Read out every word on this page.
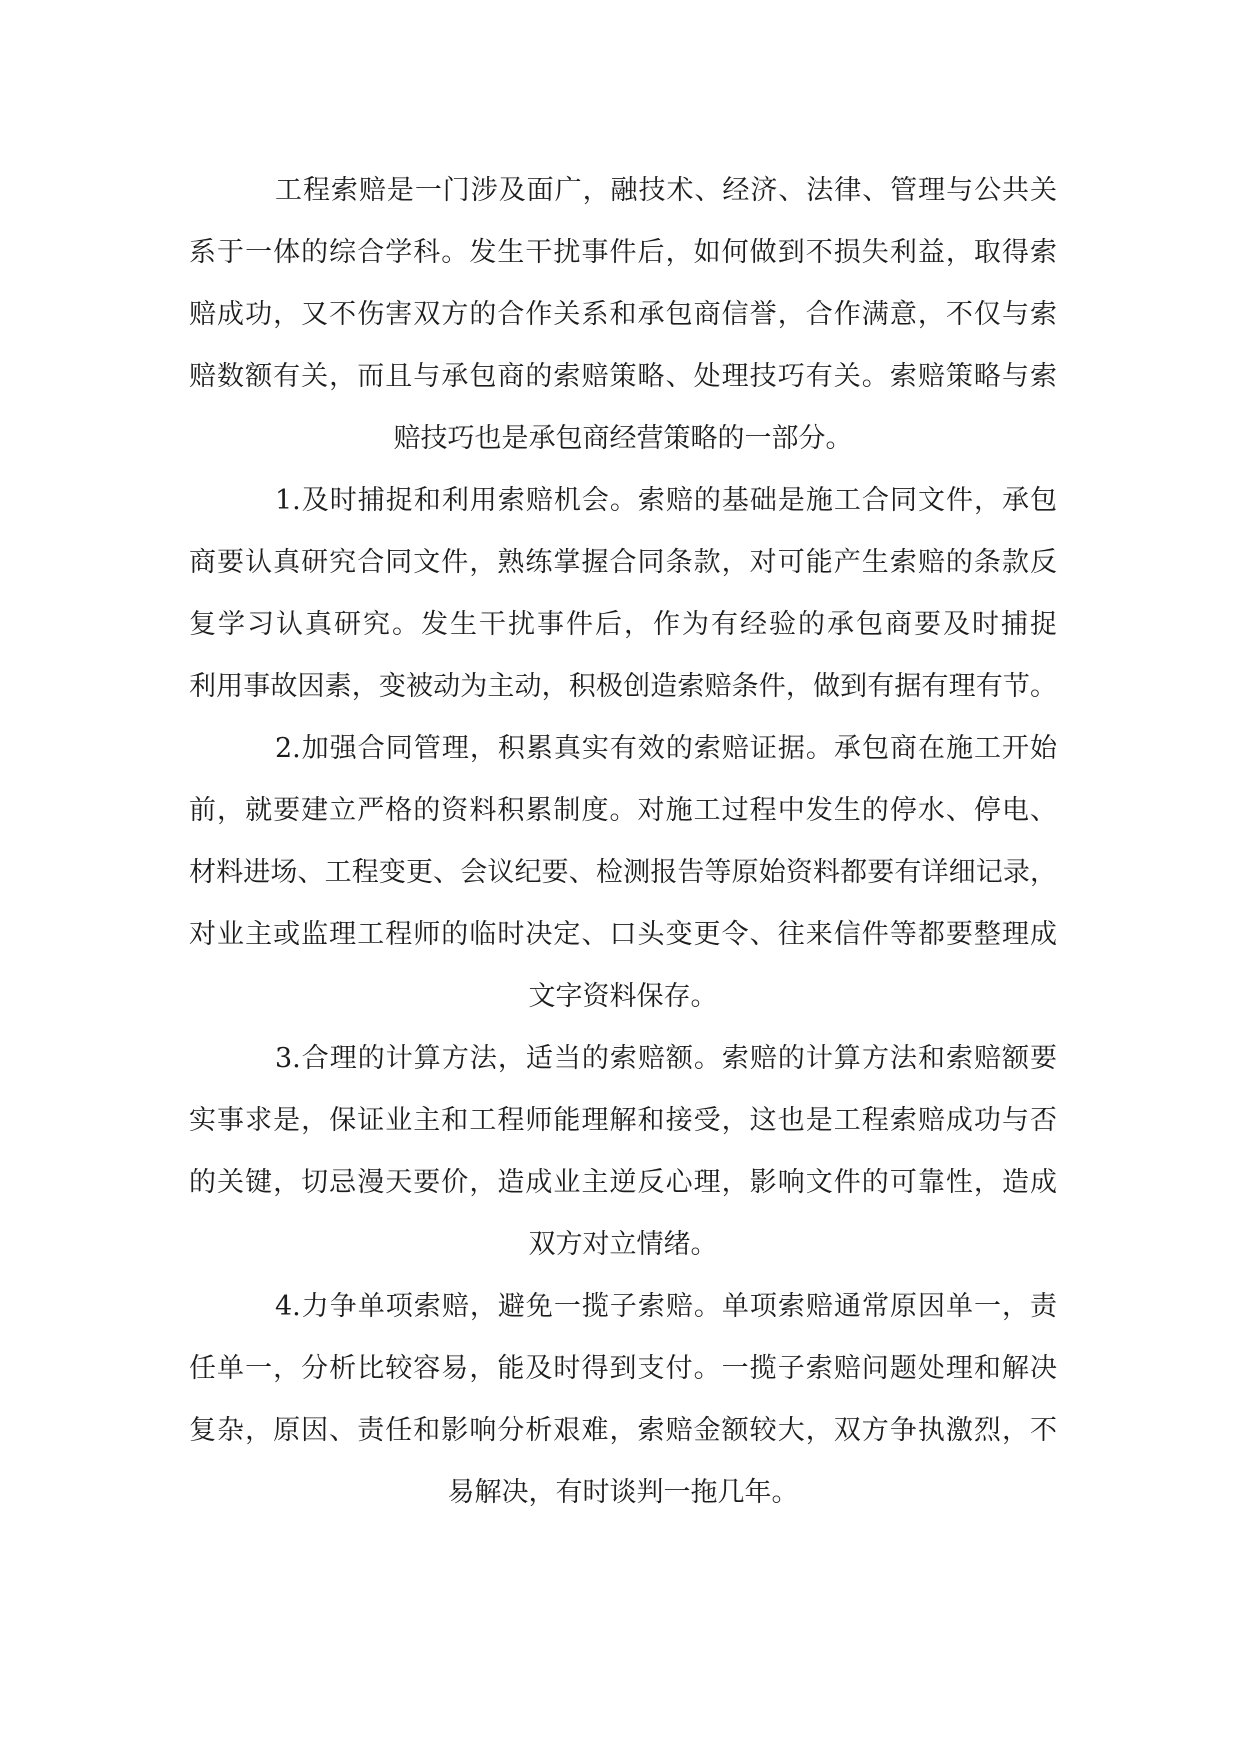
工程索赔是一门涉及面广，融技术、经济、法律、管理与公共关
系于一体的综合学科。发生干扰事件后，如何做到不损失利益，取得索
赔成功，又不伤害双方的合作关系和承包商信誉，合作满意，不仅与索
赔数额有关，而且与承包商的索赔策略、处理技巧有关。索赔策略与索
赔技巧也是承包商经营策略的一部分。
1.及时捕捉和利用索赔机会。索赔的基础是施工合同文件，承包
商要认真研究合同文件，熟练掌握合同条款，对可能产生索赔的条款反
复学习认真研究。发生干扰事件后，作为有经验的承包商要及时捕捉
利用事故因素，变被动为主动，积极创造索赔条件，做到有据有理有节。
2.加强合同管理，积累真实有效的索赔证据。承包商在施工开始
前，就要建立严格的资料积累制度。对施工过程中发生的停水、停电、
材料进场、工程变更、会议纪要、检测报告等原始资料都要有详细记录，
对业主或监理工程师的临时决定、口头变更令、往来信件等都要整理成
文字资料保存。
3.合理的计算方法，适当的索赔额。索赔的计算方法和索赔额要
实事求是，保证业主和工程师能理解和接受，这也是工程索赔成功与否
的关键，切忌漫天要价，造成业主逆反心理，影响文件的可靠性，造成
双方对立情绪。
4.力争单项索赔，避免一揽子索赔。单项索赔通常原因单一，责
任单一，分析比较容易，能及时得到支付。一揽子索赔问题处理和解决
复杂，原因、责任和影响分析艰难，索赔金额较大，双方争执激烈，不
易解决，有时谈判一拖几年。
